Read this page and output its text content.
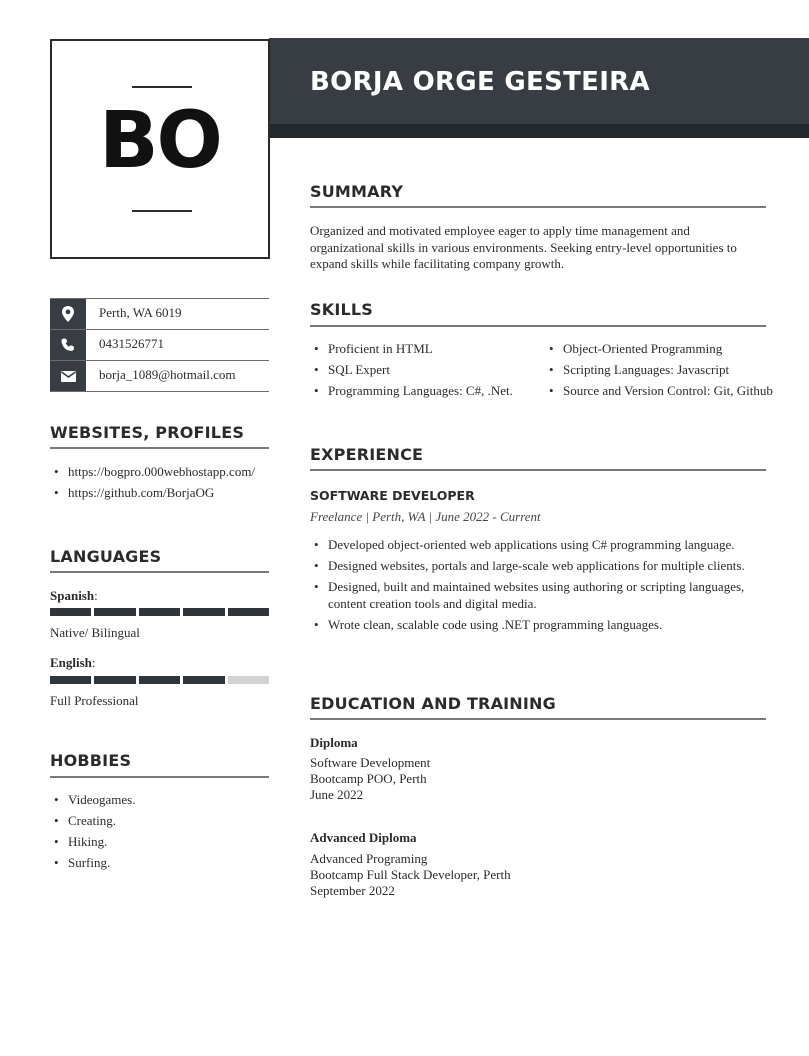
BORJA ORGE GESTEIRA
BO
Perth, WA 6019
0431526771
borja_1089@hotmail.com
WEBSITES, PROFILES
• https://bogpro.000webhostapp.com/
• https://github.com/BorjaOG
LANGUAGES

Spanish:

Native/ Bilingual

English:

Full Professional

HOBBIES
• Videogames.
• Creating.
• Hiking.
• Surfing.
SUMMARY

Organized and motivated employee eager to apply time management and organizational skills in various environments. Seeking entry-level opportunities to expand skills while facilitating company growth.

SKILLS
• Proficient in HTML
• SQL Expert
• Programming Languages: C#, .Net.
• Object-Oriented Programming
• Scripting Languages: Javascript
• Source and Version Control: Git, Github
EXPERIENCE

SOFTWARE DEVELOPER

Freelance | Perth, WA | June 2022 - Current

• Developed object-oriented web applications using C# programming language.
• Designed websites, portals and large-scale web applications for multiple clients.
• Designed, built and maintained websites using authoring or scripting languages, content creation tools and digital media.
• Wrote clean, scalable code using .NET programming languages.
EDUCATION AND TRAINING

Diploma

Software Development

Bootcamp POO, Perth

June 2022

Advanced Diploma

Advanced Programing

Bootcamp Full Stack Developer, Perth

September 2022
